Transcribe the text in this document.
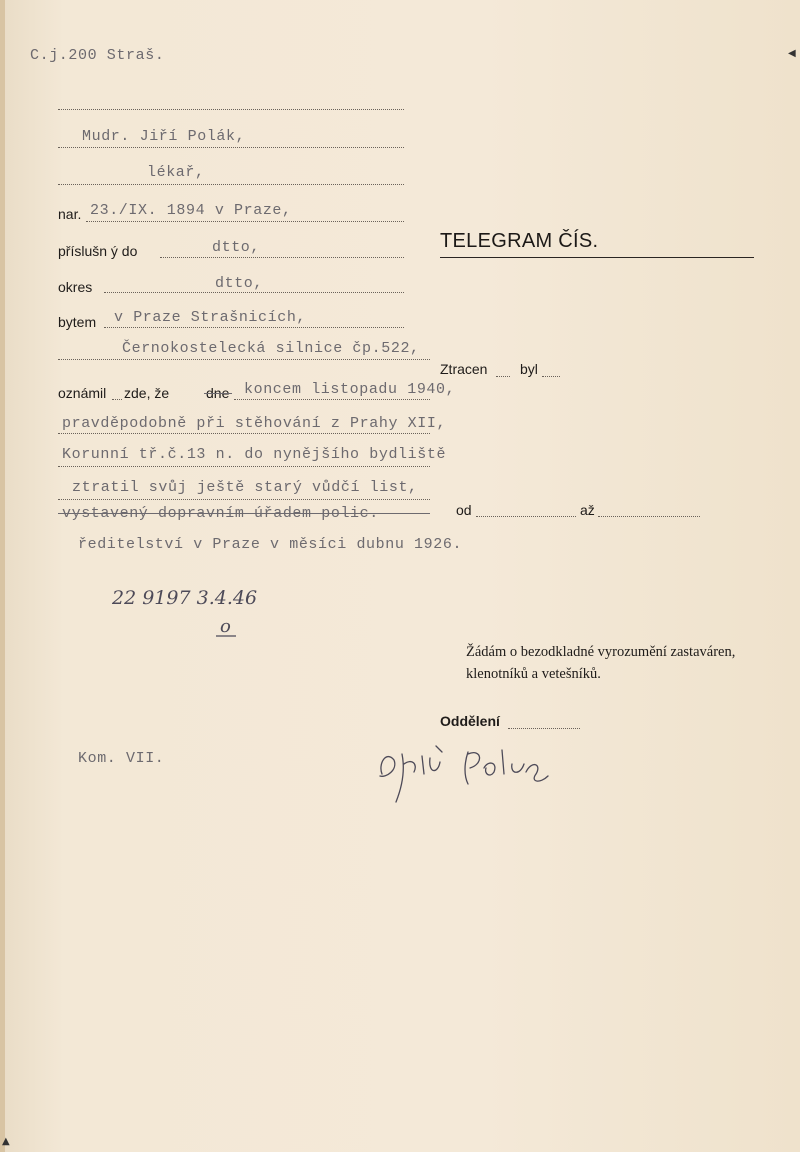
◀
▲
C.j.200 Straš.
Mudr. Jiří Polák,
lékař,
nar. 23./IX. 1894 v Praze,
příslušn ý do	dtto,
okres	dtto,
bytem v Praze Strašnicích,
Černokostelecká silnice čp.522,
TELEGRAM ČÍS.
Ztracen byl
oznámil zde, že	dne koncem listopadu 1940,
pravděpodobně při stěhování z Prahy XII,
Korunní tř.č.13 n. do nynějšího bydliště
ztratil svůj ještě starý vůdčí list,
vystavený dopravním úřadem polic.
ředitelství v Praze v měsíci dubnu 1926.
od	až
22 9197 3.4.46
o
Žádám o bezodkladné vyrozumění zastaváren, klenotníků a vetešníků.
Oddělení
Kom. VII.
Dr Jiří Polák
